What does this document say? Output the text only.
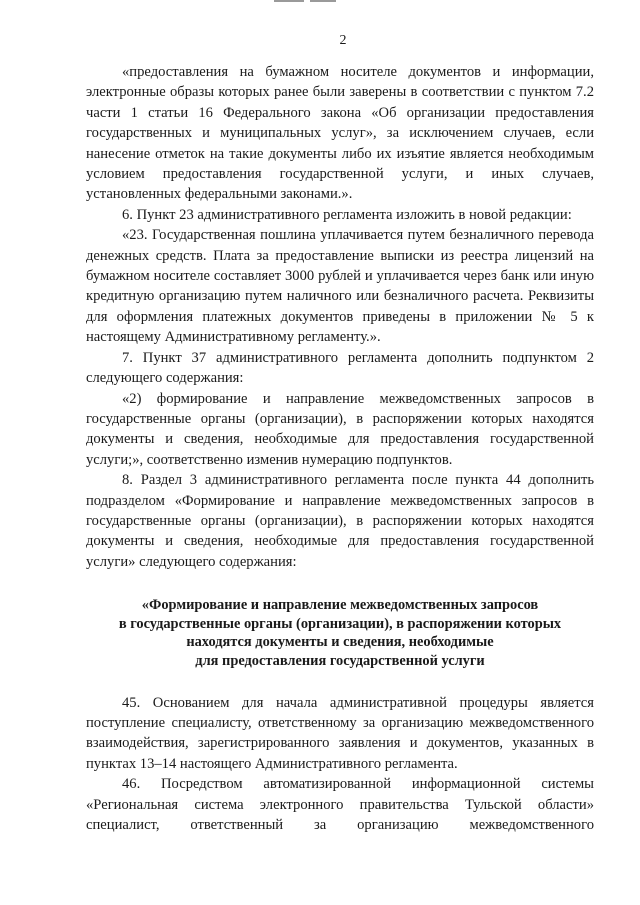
2

«предоставления на бумажном носителе документов и информации, электронные образы которых ранее были заверены в соответствии с пунктом 7.2 части 1 статьи 16 Федерального закона «Об организации предоставления государственных и муниципальных услуг», за исключением случаев, если нанесение отметок на такие документы либо их изъятие является необходимым условием предоставления государственной услуги, и иных случаев, установленных федеральными законами.».

6. Пункт 23 административного регламента изложить в новой редакции:

«23. Государственная пошлина уплачивается путем безналичного перевода денежных средств. Плата за предоставление выписки из реестра лицензий на бумажном носителе составляет 3000 рублей и уплачивается через банк или иную кредитную организацию путем наличного или безналичного расчета. Реквизиты для оформления платежных документов приведены в приложении № 5 к настоящему Административному регламенту.».

7. Пункт 37 административного регламента дополнить подпунктом 2 следующего содержания:

«2) формирование и направление межведомственных запросов в государственные органы (организации), в распоряжении которых находятся документы и сведения, необходимые для предоставления государственной услуги;», соответственно изменив нумерацию подпунктов.

8. Раздел 3 административного регламента после пункта 44 дополнить подразделом «Формирование и направление межведомственных запросов в государственные органы (организации), в распоряжении которых находятся документы и сведения, необходимые для предоставления государственной услуги» следующего содержания:

«Формирование и направление межведомственных запросов
в государственные органы (организации), в распоряжении которых
находятся документы и сведения, необходимые
для предоставления государственной услуги

45. Основанием для начала административной процедуры является поступление специалисту, ответственному за организацию межведомственного взаимодействия, зарегистрированного заявления и документов, указанных в пунктах 13–14 настоящего Административного регламента.

46. Посредством автоматизированной информационной системы «Региональная система электронного правительства Тульской области» специалист, ответственный за организацию межведомственного
